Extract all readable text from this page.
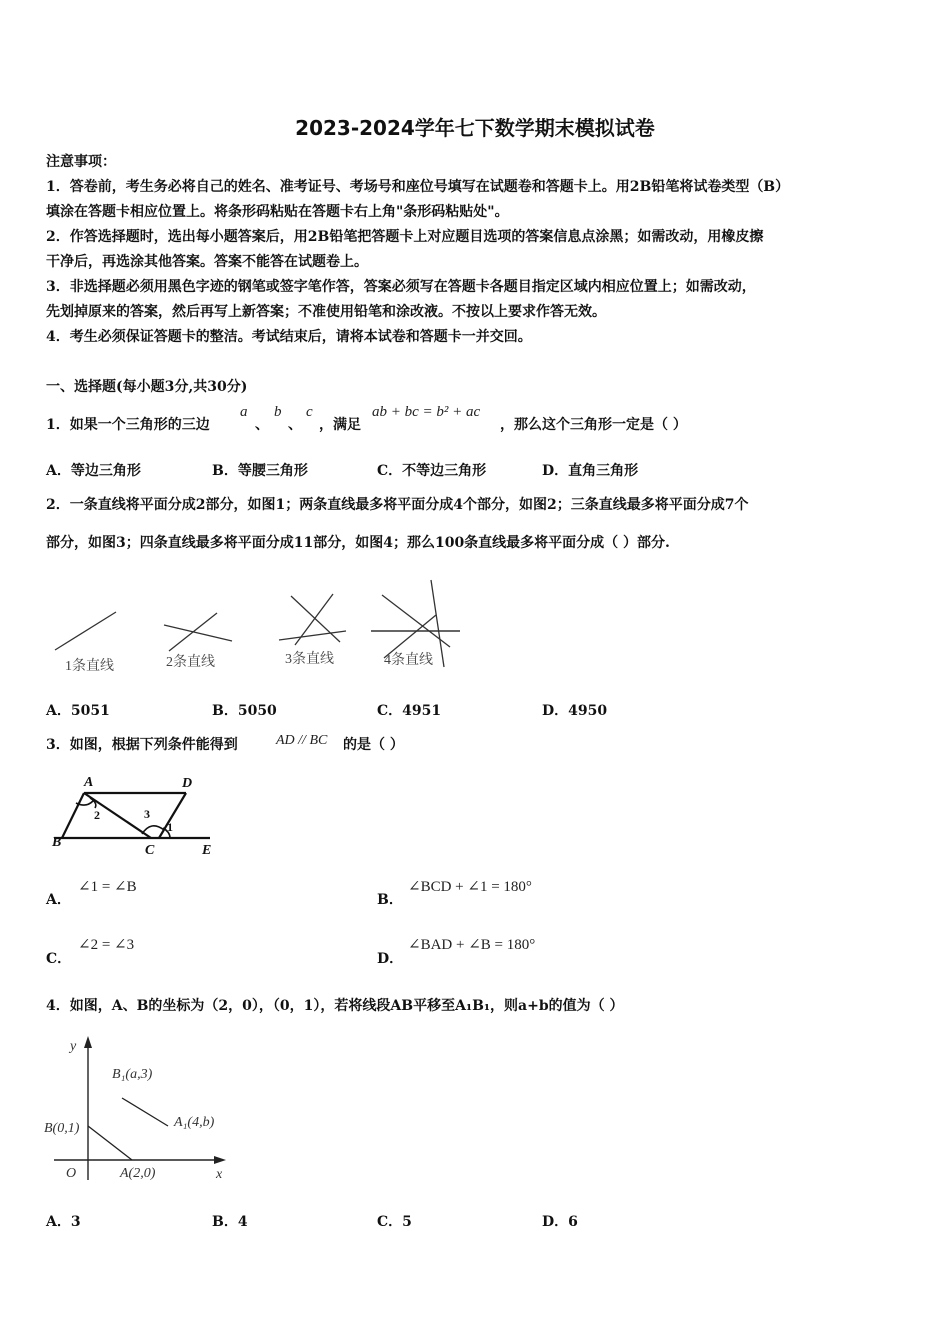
2023-2024学年七下数学期末模拟试卷
注意事项：
1．答卷前，考生务必将自己的姓名、准考证号、考场号和座位号填写在试题卷和答题卡上。用2B铅笔将试卷类型（B）
填涂在答题卡相应位置上。将条形码粘贴在答题卡右上角"条形码粘贴处"。
2．作答选择题时，选出每小题答案后，用2B铅笔把答题卡上对应题目选项的答案信息点涂黑；如需改动，用橡皮擦
干净后，再选涂其他答案。答案不能答在试题卷上。
3．非选择题必须用黑色字迹的钢笔或签字笔作答，答案必须写在答题卡各题目指定区域内相应位置上；如需改动，
先划掉原来的答案，然后再写上新答案；不准使用铅笔和涂改液。不按以上要求作答无效。
4．考生必须保证答题卡的整洁。考试结束后，请将本试卷和答题卡一并交回。
一、选择题(每小题3分,共30分)
1．如果一个三角形的三边
a
、
b
、
c
，满足
ab + bc = b² + ac
，那么这个三角形一定是（ ）
A．等边三角形	B．等腰三角形	C．不等边三角形	D．直角三角形
2．一条直线将平面分成2部分，如图1；两条直线最多将平面分成4个部分，如图2；三条直线最多将平面分成7个
部分，如图3；四条直线最多将平面分成11部分，如图4；那么100条直线最多将平面分成（ ）部分.
1条直线	2条直线	3条直线	4条直线
A．5051	B．5050	C．4951	D．4950
3．如图，根据下列条件能得到	AD // BC 的是（ ）
A	D
B
C	E
2	3
1
A．
∠1 = ∠B
B．
∠BCD + ∠1 = 180°
C．
∠2 = ∠3
D．
∠BAD + ∠B = 180°
4．如图，A、B的坐标为（2，0），（0，1），若将线段AB平移至A₁B₁，则a+b的值为（ ）
y
x
O
B(0,1)
A(2,0)
B₁(a,3)
A₁(4,b)
A．3	B．4	C．5	D．6
